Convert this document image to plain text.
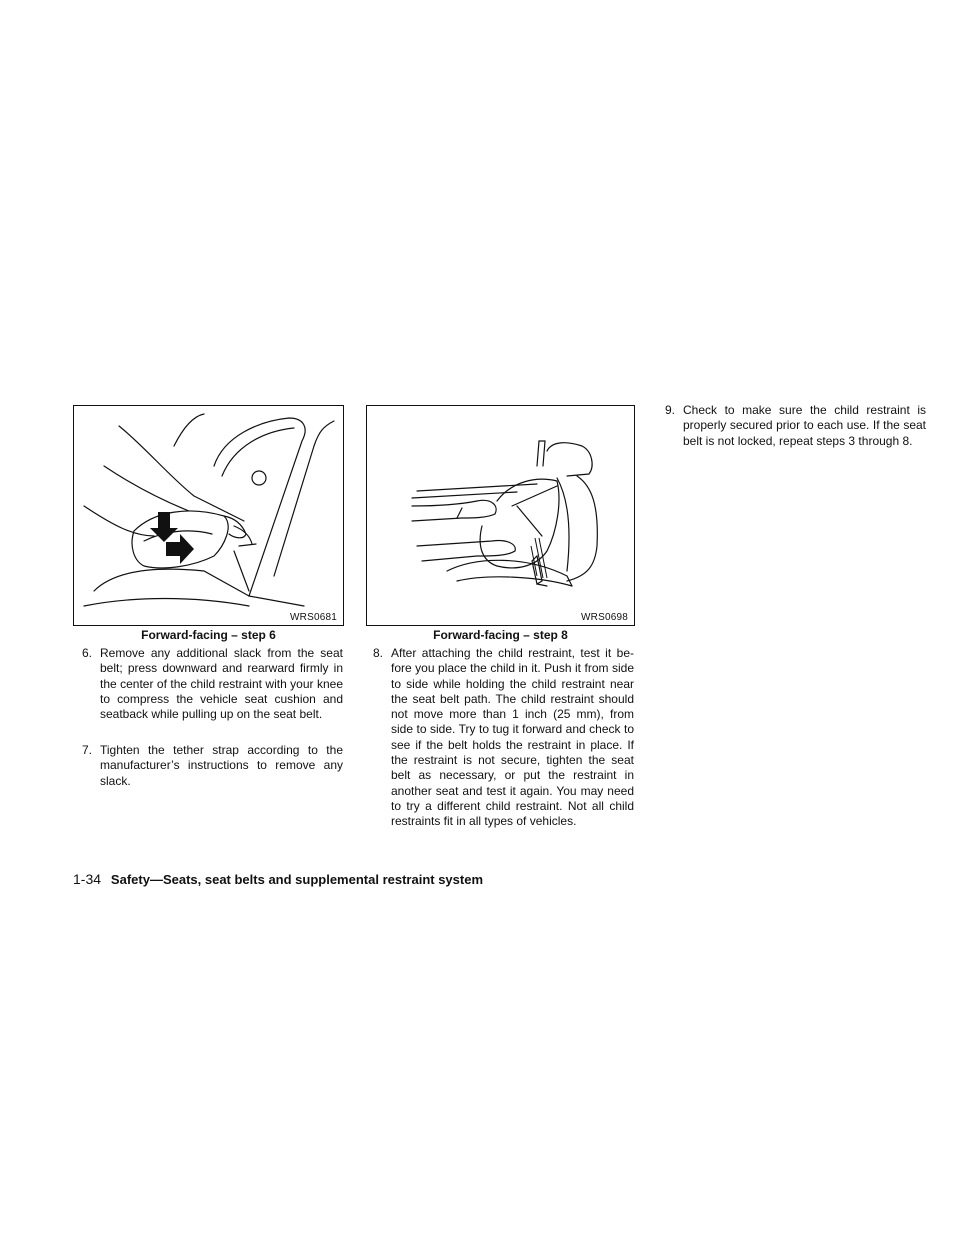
WRS0681
Forward-facing – step 6
WRS0698
Forward-facing – step 8
6. Remove any additional slack from the seat belt; press downward and rearward firmly in the center of the child restraint with your knee to compress the vehicle seat cushion and seatback while pulling up on the seat belt.
7. Tighten the tether strap according to the manufacturer’s instructions to remove any slack.
8. After attaching the child restraint, test it be-fore you place the child in it. Push it from side to side while holding the child restraint near the seat belt path. The child restraint should not move more than 1 inch (25 mm), from side to side. Try to tug it forward and check to see if the belt holds the restraint in place. If the restraint is not secure, tighten the seat belt as necessary, or put the restraint in another seat and test it again. You may need to try a different child restraint. Not all child restraints fit in all types of vehicles.
9. Check to make sure the child restraint is properly secured prior to each use. If the seat belt is not locked, repeat steps 3 through 8.
1-34 Safety—Seats, seat belts and supplemental restraint system
